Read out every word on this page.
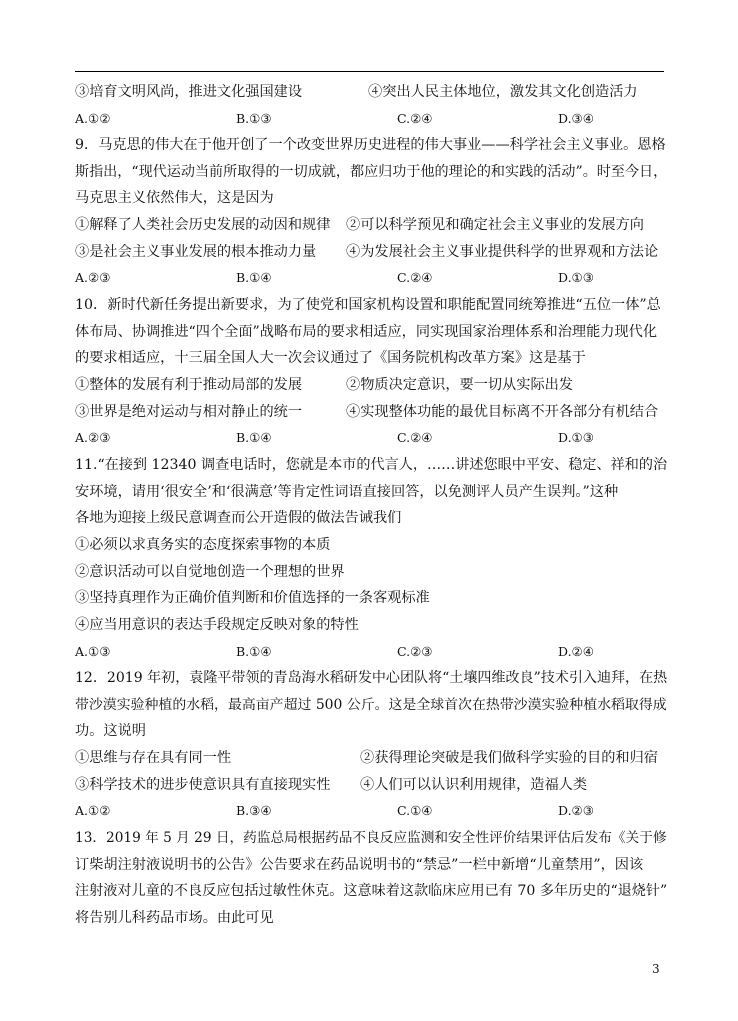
③培育文明风尚，推进文化强国建设	④突出人民主体地位，激发其文化创造活力
A.①②	B.①③	C.②④	D.③④
9．马克思的伟大在于他开创了一个改变世界历史进程的伟大事业——科学社会主义事业。恩格
斯指出，“现代运动当前所取得的一切成就，都应归功于他的理论的和实践的活动”。时至今日，
马克思主义依然伟大，这是因为
①解释了人类社会历史发展的动因和规律 ②可以科学预见和确定社会主义事业的发展方向
③是社会主义事业发展的根本推动力量 ④为发展社会主义事业提供科学的世界观和方法论
A.②③	B.①④	C.②④	D.①③
10．新时代新任务提出新要求，为了使党和国家机构设置和职能配置同统筹推进“五位一体”总
体布局、协调推进“四个全面”战略布局的要求相适应，同实现国家治理体系和治理能力现代化
的要求相适应，十三届全国人大一次会议通过了《国务院机构改革方案》这是基于
①整体的发展有利于推动局部的发展	②物质决定意识，要一切从实际出发
③世界是绝对运动与相对静止的统一	④实现整体功能的最优目标离不开各部分有机结合
A.②③	B.①④	C.②④	D.①③
11.“在接到 12340 调查电话时，您就是本市的代言人，……讲述您眼中平安、稳定、祥和的治
安环境，请用‘很安全’和‘很满意’等肯定性词语直接回答，以免测评人员产生误判。”这种
各地为迎接上级民意调查而公开造假的做法告诫我们
①必须以求真务实的态度探索事物的本质
②意识活动可以自觉地创造一个理想的世界
③坚持真理作为正确价值判断和价值选择的一条客观标准
④应当用意识的表达手段规定反映对象的特性
A.①③	B.①④	C.②③	D.②④
12．2019 年初，袁隆平带领的青岛海水稻研发中心团队将“土壤四维改良”技术引入迪拜，在热
带沙漠实验种植的水稻，最高亩产超过 500 公斤。这是全球首次在热带沙漠实验种植水稻取得成
功。这说明
①思维与存在具有同一性	②获得理论突破是我们做科学实验的目的和归宿
③科学技术的进步使意识具有直接现实性 ④人们可以认识利用规律，造福人类
A.①②	B.③④	C.①④	D.②③
13．2019 年 5 月 29 日，药监总局根据药品不良反应监测和安全性评价结果评估后发布《关于修
订柴胡注射液说明书的公告》公告要求在药品说明书的“禁忌”一栏中新增“儿童禁用”，因该
注射液对儿童的不良反应包括过敏性休克。这意味着这款临床应用已有 70 多年历史的“退烧针”
将告别儿科药品市场。由此可见
3
